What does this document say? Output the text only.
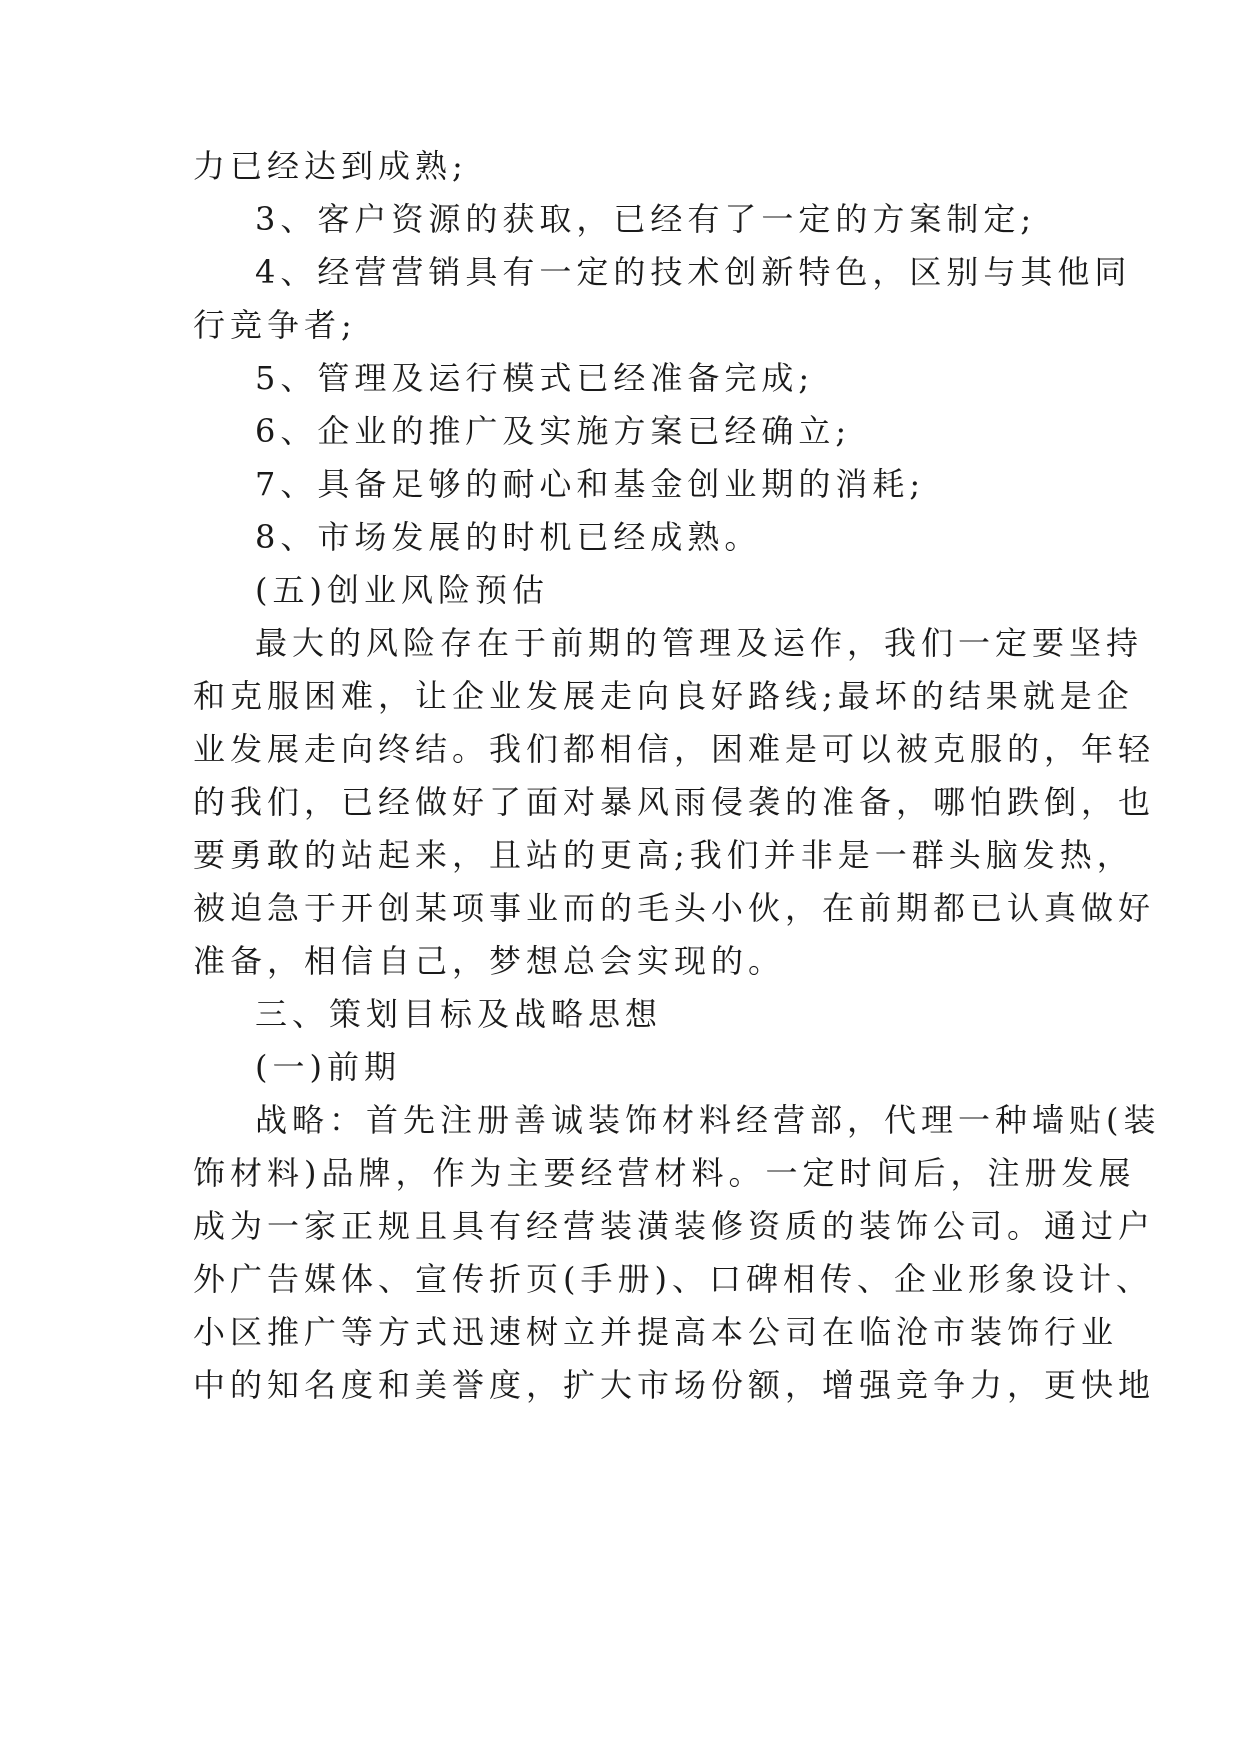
力已经达到成熟;

3、客户资源的获取，已经有了一定的方案制定;

4、经营营销具有一定的技术创新特色，区别与其他同

行竞争者;

5、管理及运行模式已经准备完成;

6、企业的推广及实施方案已经确立;

7、具备足够的耐心和基金创业期的消耗;

8、市场发展的时机已经成熟。

(五)创业风险预估

最大的风险存在于前期的管理及运作，我们一定要坚持

和克服困难，让企业发展走向良好路线;最坏的结果就是企

业发展走向终结。我们都相信，困难是可以被克服的，年轻

的我们，已经做好了面对暴风雨侵袭的准备，哪怕跌倒，也

要勇敢的站起来，且站的更高;我们并非是一群头脑发热，

被迫急于开创某项事业而的毛头小伙，在前期都已认真做好

准备，相信自己，梦想总会实现的。

三、策划目标及战略思想

(一)前期

战略：首先注册善诚装饰材料经营部，代理一种墙贴(装

饰材料)品牌，作为主要经营材料。一定时间后，注册发展

成为一家正规且具有经营装潢装修资质的装饰公司。通过户

外广告媒体、宣传折页(手册)、口碑相传、企业形象设计、

小区推广等方式迅速树立并提高本公司在临沧市装饰行业

中的知名度和美誉度，扩大市场份额，增强竞争力，更快地
